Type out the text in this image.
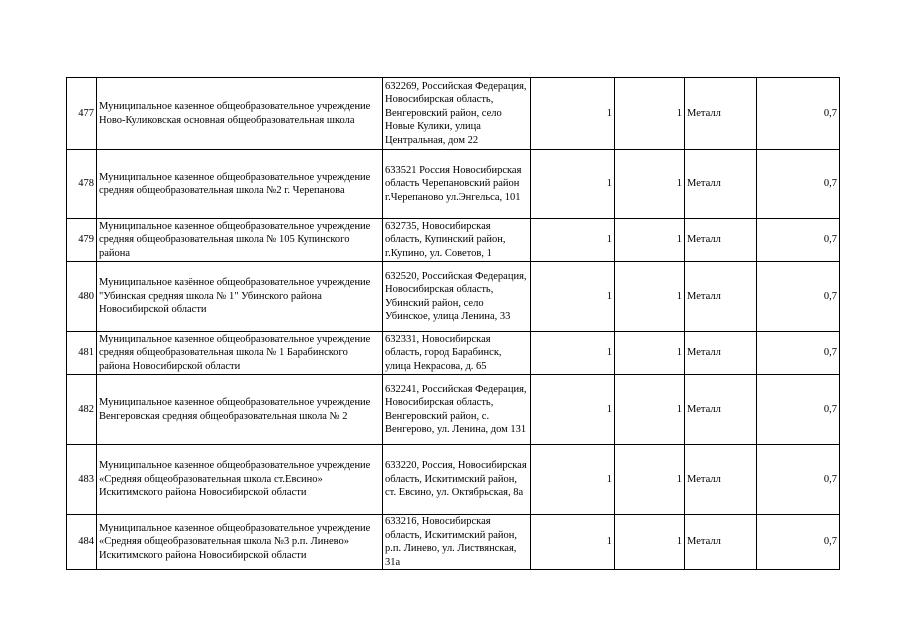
477	Муниципальное казенное общеобразовательное учреждение Ново-Куликовская основная общеобразовательная школа	632269, Российская Федерация, Новосибирская область, Венгеровский район, село Новые Кулики, улица Центральная, дом 22	1	1	Металл	0,7
478	Муниципальное казенное общеобразовательное учреждение средняя общеобразовательная школа №2 г. Черепанова	633521 Россия Новосибирская область Черепановский район г.Черепаново ул.Энгельса, 101	1	1	Металл	0,7
479	Муниципальное казенное общеобразовательное учреждение средняя общеобразовательная школа № 105 Купинского района	632735, Новосибирская область, Купинский район, г.Купино, ул. Советов, 1	1	1	Металл	0,7
480	Муниципальное казённое общеобразовательное учреждение "Убинская средняя школа № 1" Убинского района Новосибирской области	632520, Российская Федерация, Новосибирская область, Убинский район, село Убинское, улица Ленина, 33	1	1	Металл	0,7
481	Муниципальное казенное общеобразовательное учреждение средняя общеобразовательная школа № 1 Барабинского района Новосибирской области	632331, Новосибирская область, город Барабинск, улица Некрасова, д. 65	1	1	Металл	0,7
482	Муниципальное казенное общеобразовательное учреждение Венгеровская средняя общеобразовательная школа № 2	632241, Российская Федерация, Новосибирская область, Венгеровский район, с. Венгерово, ул. Ленина, дом 131	1	1	Металл	0,7
483	Муниципальное казенное общеобразовательное учреждение «Средняя общеобразовательная школа ст.Евсино» Искитимского района Новосибирской области	633220, Россия, Новосибирская область, Искитимский район, ст. Евсино, ул. Октябрьская, 8а	1	1	Металл	0,7
484	Муниципальное казенное общеобразовательное учреждение «Средняя общеобразовательная школа №3 р.п. Линево» Искитимского района Новосибирской области	633216, Новосибирская область, Искитимский район, р.п. Линево, ул. Листвянская, 31а	1	1	Металл	0,7
